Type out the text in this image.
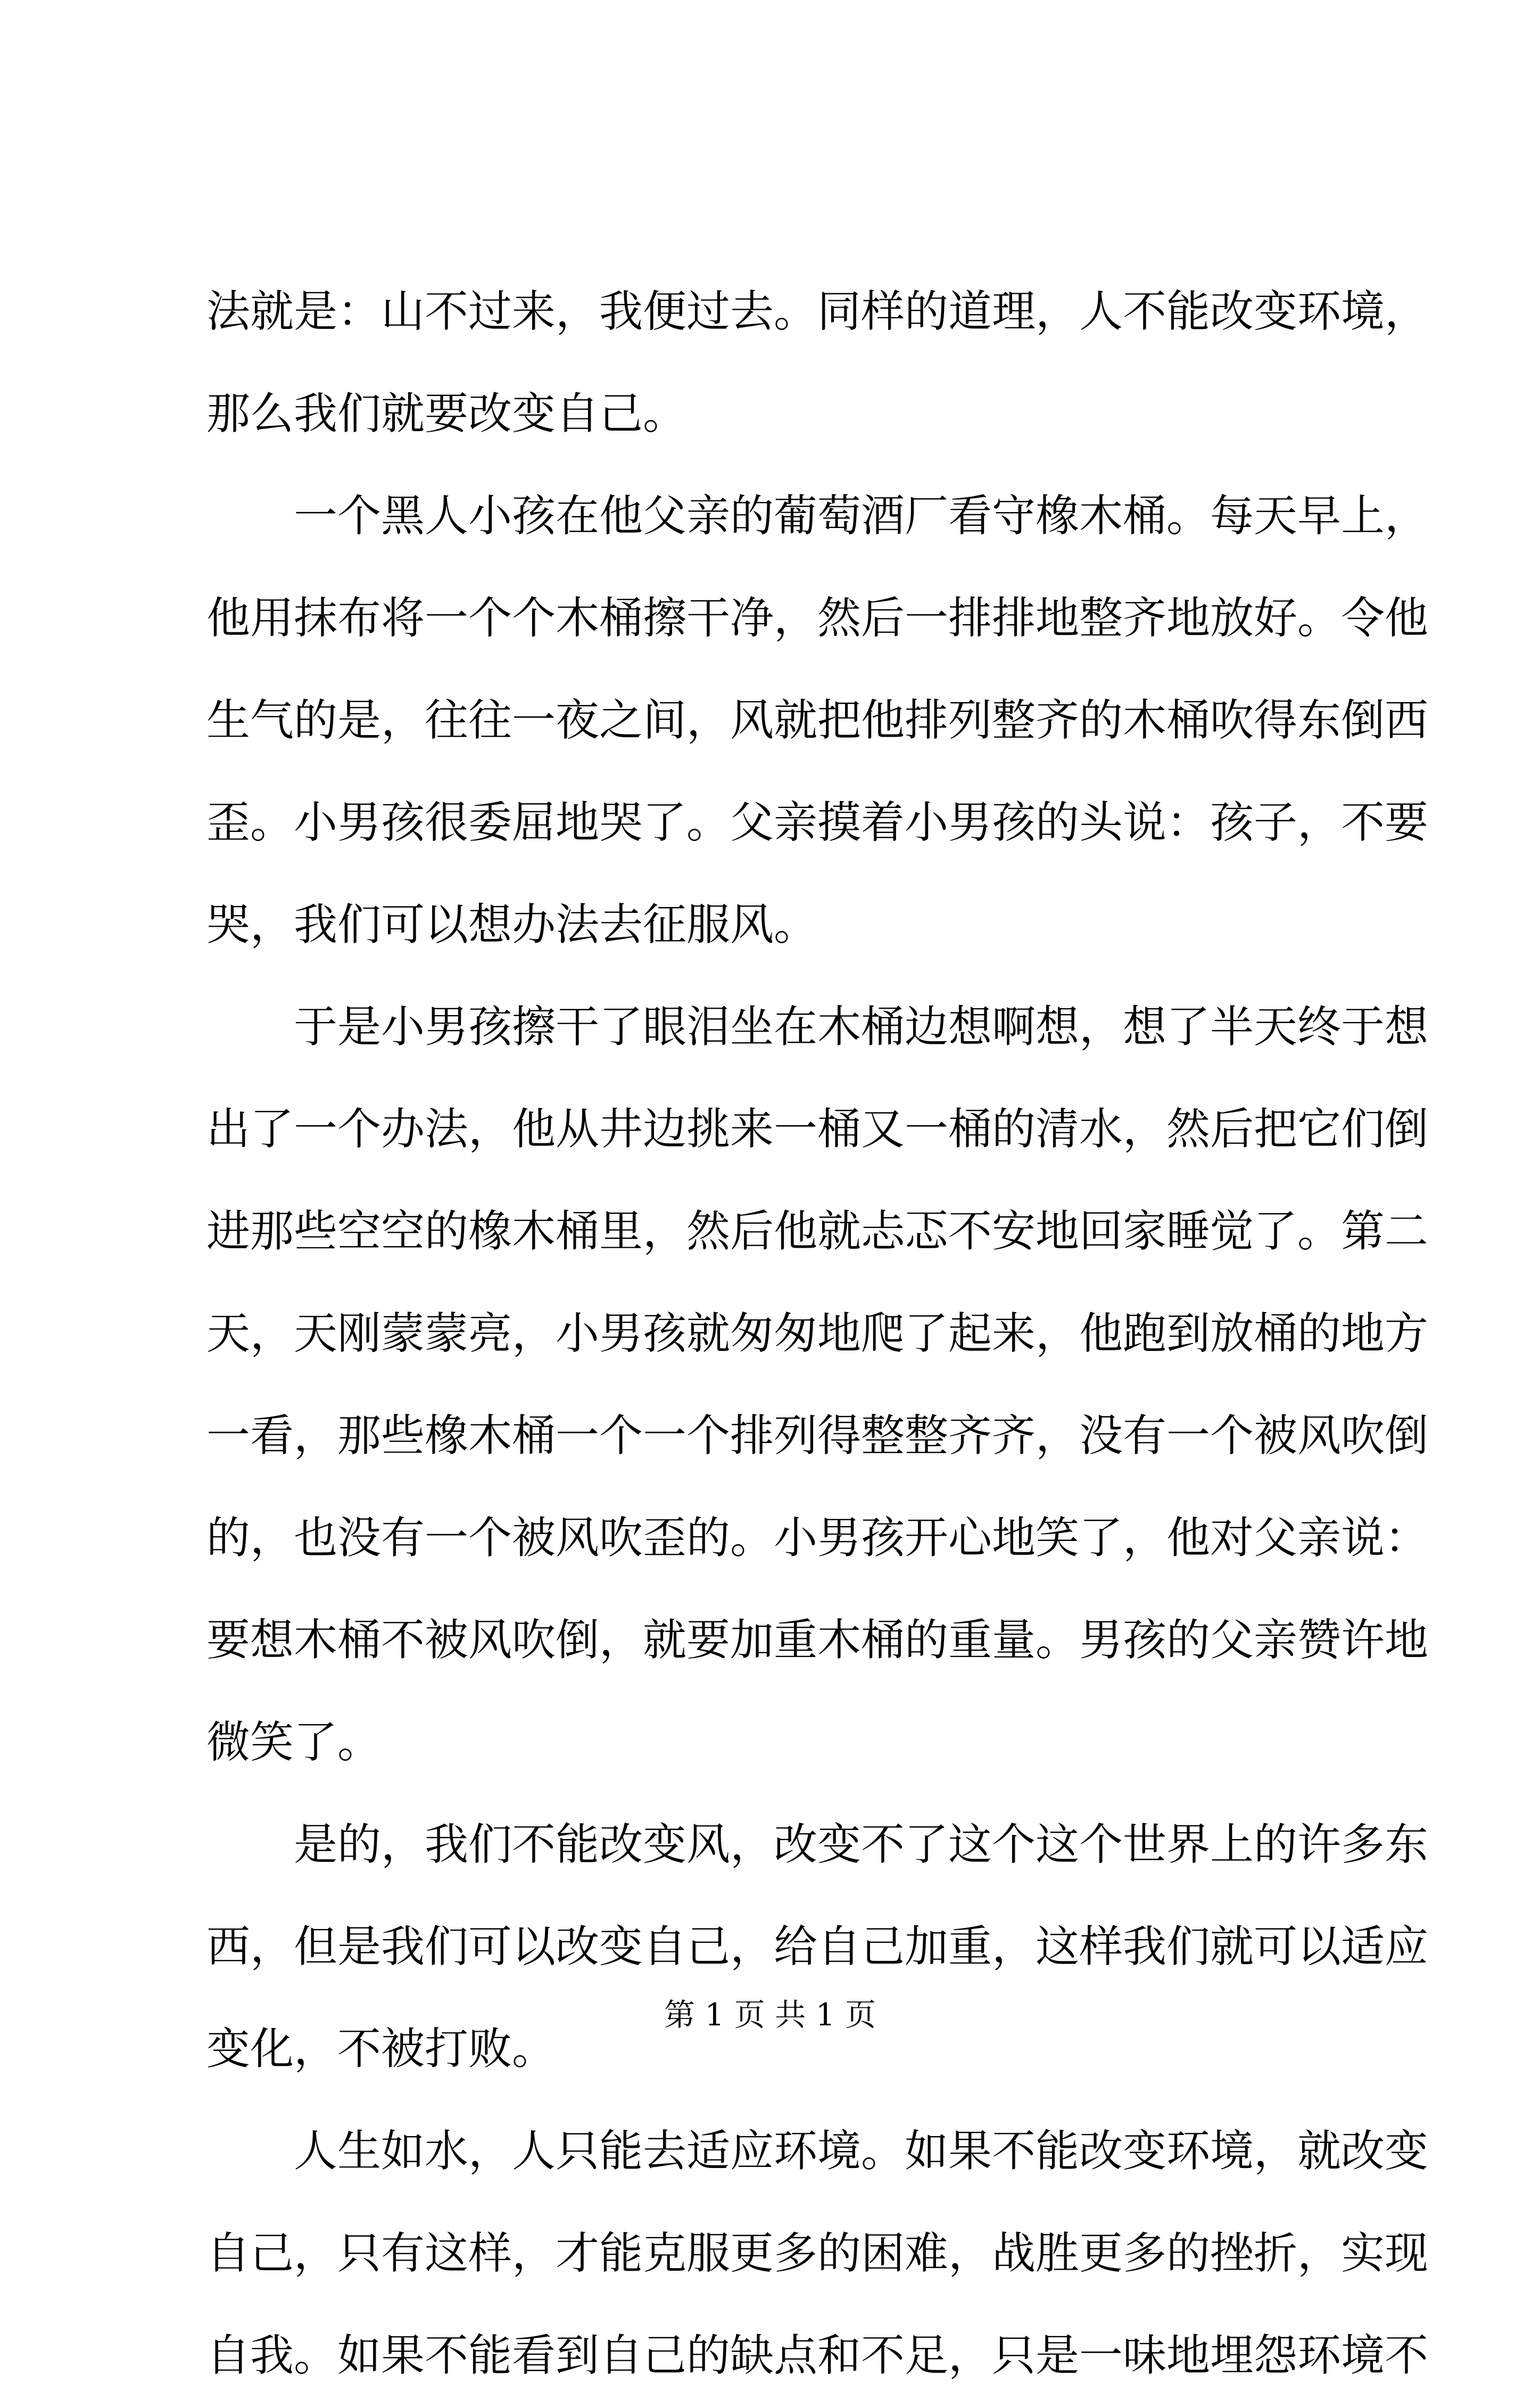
法就是：山不过来，我便过去。同样的道理，人不能改变环境，
那么我们就要改变自己。
一个黑人小孩在他父亲的葡萄酒厂看守橡木桶。每天早上，
他用抹布将一个个木桶擦干净，然后一排排地整齐地放好。令他
生气的是，往往一夜之间，风就把他排列整齐的木桶吹得东倒西
歪。小男孩很委屈地哭了。父亲摸着小男孩的头说：孩子，不要
哭，我们可以想办法去征服风。
于是小男孩擦干了眼泪坐在木桶边想啊想，想了半天终于想
出了一个办法，他从井边挑来一桶又一桶的清水，然后把它们倒
进那些空空的橡木桶里，然后他就忐忑不安地回家睡觉了。第二
天，天刚蒙蒙亮，小男孩就匆匆地爬了起来，他跑到放桶的地方
一看，那些橡木桶一个一个排列得整整齐齐，没有一个被风吹倒
的，也没有一个被风吹歪的。小男孩开心地笑了，他对父亲说：
要想木桶不被风吹倒，就要加重木桶的重量。男孩的父亲赞许地
微笑了。
是的，我们不能改变风，改变不了这个这个世界上的许多东
西，但是我们可以改变自己，给自己加重，这样我们就可以适应
变化，不被打败。
人生如水，人只能去适应环境。如果不能改变环境，就改变
自己，只有这样，才能克服更多的困难，战胜更多的挫折，实现
自我。如果不能看到自己的缺点和不足，只是一味地埋怨环境不
第 1 页 共 1 页
